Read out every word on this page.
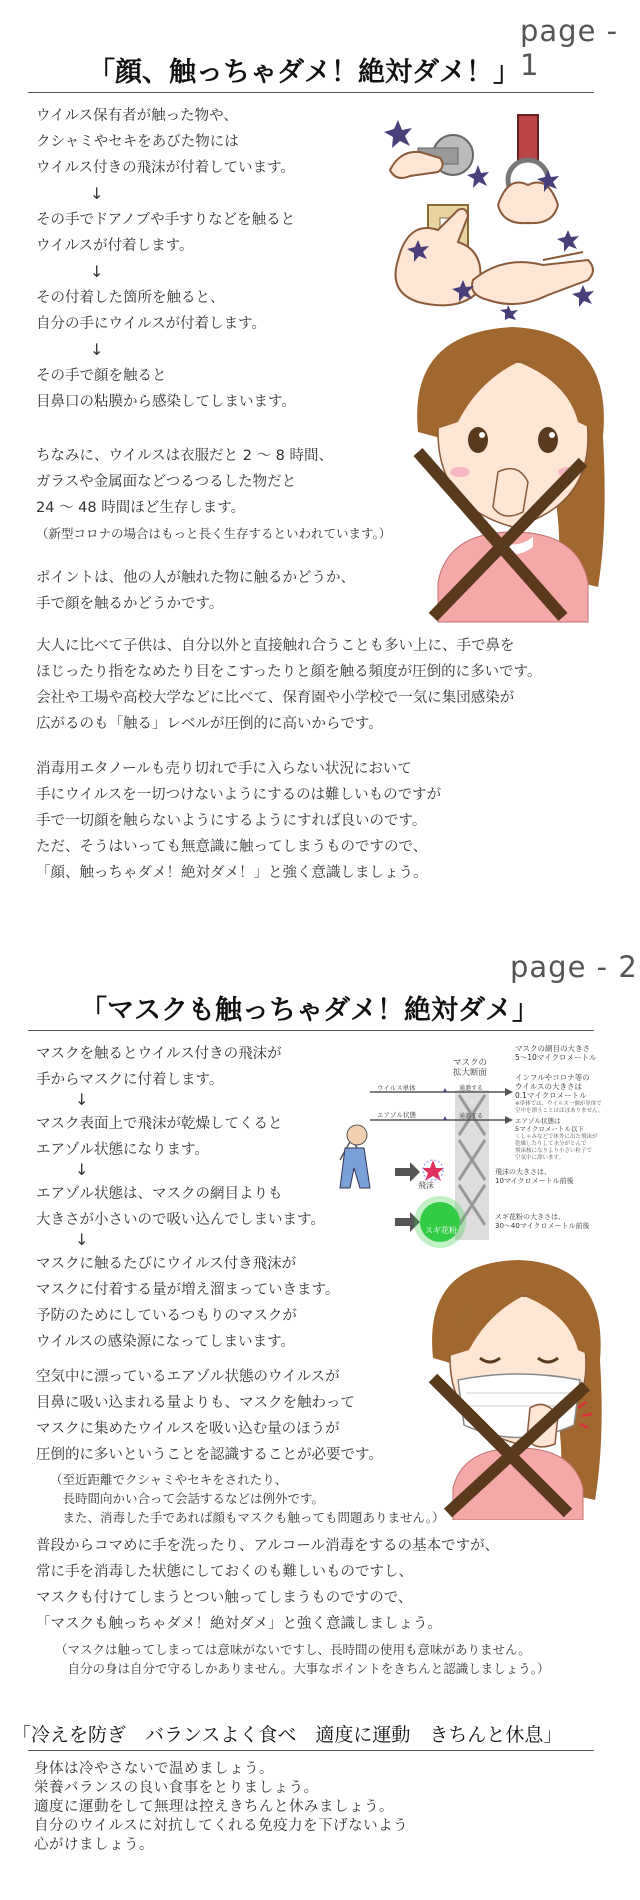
page - 1
「顔、触っちゃダメ！絶対ダメ！」

ウイルス保有者が触った物や、
クシャミやセキをあびた物には
ウイルス付きの飛沫が付着しています。

↓

その手でドアノブや手すりなどを触ると
ウイルスが付着します。

↓

その付着した箇所を触ると、
自分の手にウイルスが付着します。

↓

その手で顔を触ると
目鼻口の粘膜から感染してしまいます。

ちなみに、ウイルスは衣服だと 2 ～ 8 時間、
ガラスや金属面などつるつるした物だと
24 ～ 48 時間ほど生存します。

（新型コロナの場合はもっと長く生存するといわれています。）

ポイントは、他の人が触れた物に触るかどうか、
手で顔を触るかどうかです。

大人に比べて子供は、自分以外と直接触れ合うことも多い上に、手で鼻を
ほじったり指をなめたり目をこすったりと顔を触る頻度が圧倒的に多いです。
会社や工場や高校大学などに比べて、保育園や小学校で一気に集団感染が
広がるのも「触る」レベルが圧倒的に高いからです。

消毒用エタノールも売り切れで手に入らない状況において
手にウイルスを一切つけないようにするのは難しいものですが
手で一切顔を触らないようにするようにすれば良いのです。
ただ、そうはいっても無意識に触ってしまうものですので、
「顔、触っちゃダメ！絶対ダメ！」と強く意識しましょう。

page - 2
「マスクも触っちゃダメ！絶対ダメ」

マスクを触るとウイルス付きの飛沫が
手からマスクに付着します。

↓

マスク表面上で飛沫が乾燥してくると
エアゾル状態になります。

↓

エアゾル状態は、マスクの網目よりも
大きさが小さいので吸い込んでしまいます。

↓

マスクに触るたびにウイルス付き飛沫が
マスクに付着する量が増え溜まっていきます。
予防のためにしているつもりのマスクが
ウイルスの感染源になってしまいます。

空気中に漂っているエアゾル状態のウイルスが
目鼻に吸い込まれる量よりも、マスクを触わって
マスクに集めたウイルスを吸い込む量のほうが
圧倒的に多いということを認識することが必要です。

（至近距離でクシャミやセキをされたり、
　長時間向かい合って会話するなどは例外です。
　また、消毒した手であれば顔もマスクも触っても問題ありません。）

普段からコマめに手を洗ったり、アルコール消毒をするの基本ですが、
常に手を消毒した状態にしておくのも難しいものですし、
マスクも付けてしまうとつい触ってしまうものですので、
「マスクも触っちゃダメ！絶対ダメ」と強く意識しましょう。

（マスクは触ってしまっては意味がないですし、長時間の使用も意味がありません。
　自分の身は自分で守るしかありません。大事なポイントをきちんと認識しましょう。）

スギ花粉
飛沫
マスクの
拡大断面
マスクの網目の大きさ
5～10マイクロメートル
インフルやコロナ等の
ウイルスの大きさは
0.1マイクロメートル
※単体では、ウイルス一個が単体で
空中を漂うことはほぼありません。
ウイルス単体
エアゾル状態
通過する
通過する
エアゾル状態は
5マイクロメートル以下
くしゃみなどで体外に出た飛沫が
乾燥したりして水分がとんで
飛沫核になりより小さい粒子で
空気中に漂います。
飛沫の大きさは、
10マイクロメートル前後
スギ花粉の大きさは、
30～40マイクロメートル前後
「冷えを防ぎ　バランスよく食べ　適度に運動　きちんと休息」

身体は冷やさないで温めましょう。
栄養バランスの良い食事をとりましょう。
適度に運動をして無理は控えきちんと休みましょう。
自分のウイルスに対抗してくれる免疫力を下げないよう
心がけましょう。
